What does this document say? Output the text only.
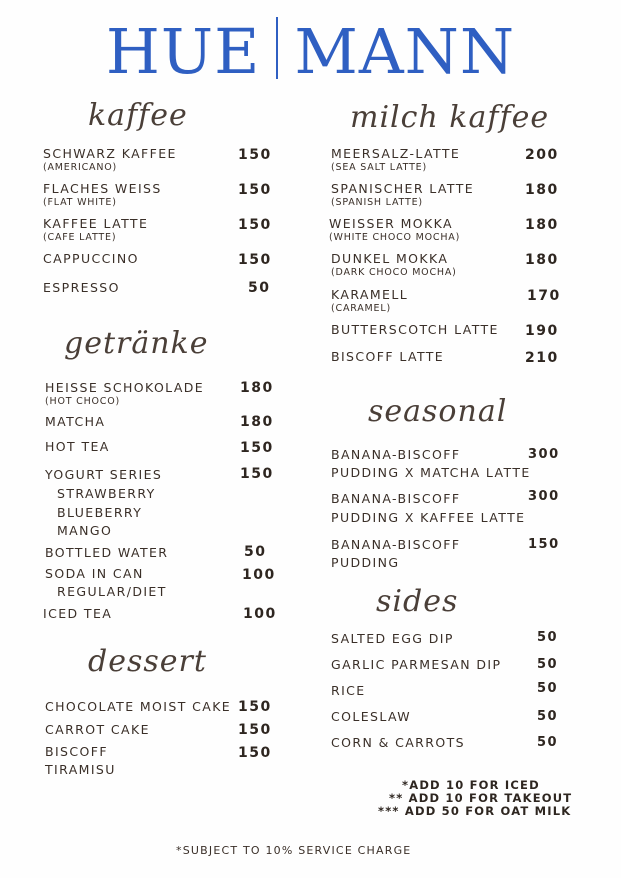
HUE MANN
kaffee	milch kaffee
getränke
seasonal
dessert
sides
SCHWARZ KAFFEE
(AMERICANO)
150
FLACHES WEISS
(FLAT WHITE)
150
KAFFEE LATTE
(CAFE LATTE)
150
CAPPUCCINO	150
ESPRESSO	50
HEISSE SCHOKOLADE
(HOT CHOCO)
180
MATCHA	180
HOT TEA	150
YOGURT SERIES	150
STRAWBERRY
BLUEBERRY
MANGO
BOTTLED WATER	50
SODA IN CAN	100
REGULAR/DIET
ICED TEA	100
CHOCOLATE MOIST CAKE 150
CARROT CAKE	150
BISCOFF
TIRAMISU
150
MEERSALZ-LATTE
(SEA SALT LATTE)
200
SPANISCHER LATTE
(SPANISH LATTE)
180
WEISSER MOKKA
(WHITE CHOCO MOCHA)
180
DUNKEL MOKKA
(DARK CHOCO MOCHA)
180
KARAMELL
(CARAMEL)
170
BUTTERSCOTCH LATTE 190
BISCOFF LATTE	210
BANANA-BISCOFF
PUDDING X MATCHA LATTE
300
BANANA-BISCOFF
PUDDING X KAFFEE LATTE
300
BANANA-BISCOFF
PUDDING
150
SALTED EGG DIP	50
GARLIC PARMESAN DIP	50
RICE	50
COLESLAW	50
CORN & CARROTS	50
*ADD 10 FOR ICED
** ADD 10 FOR TAKEOUT
*** ADD 50 FOR OAT MILK
*SUBJECT TO 10% SERVICE CHARGE
